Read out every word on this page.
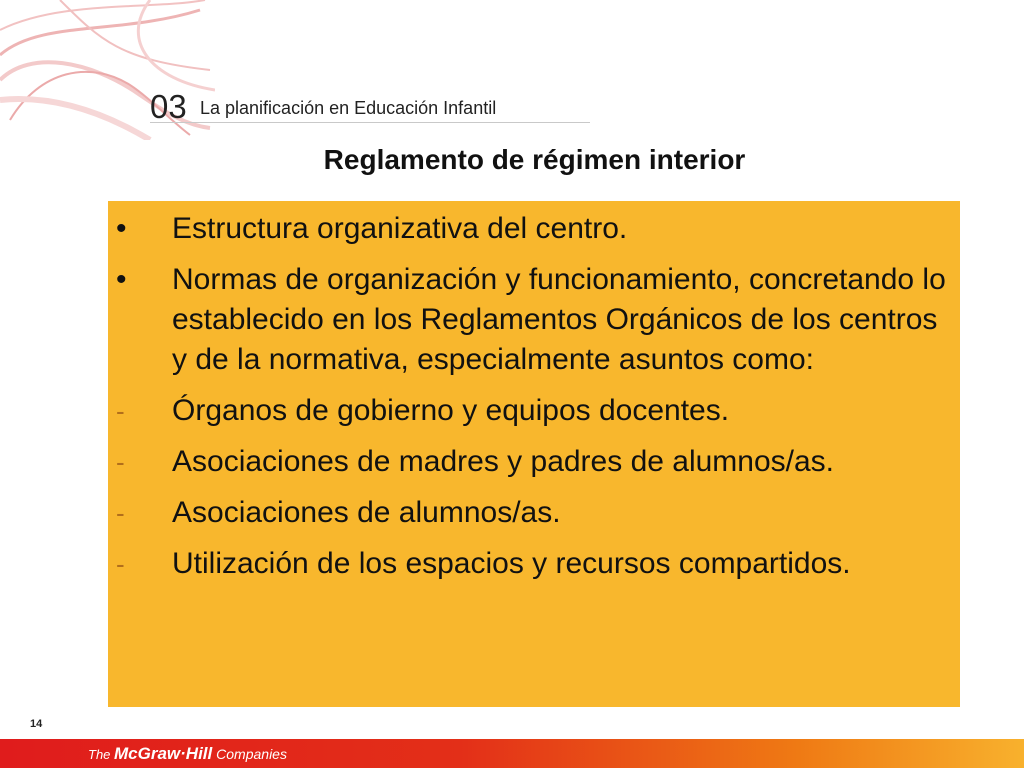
03 La planificación en Educación Infantil
Reglamento de régimen interior
•	Estructura organizativa del centro.
•	Normas de organización y funcionamiento, concretando lo establecido en los Reglamentos Orgánicos de los centros y de la normativa, especialmente asuntos como:
-	Órganos de gobierno y equipos docentes.
-	Asociaciones de madres y padres de alumnos/as.
-	Asociaciones de alumnos/as.
-	Utilización de los espacios y recursos compartidos.
14
The McGraw·Hill Companies
